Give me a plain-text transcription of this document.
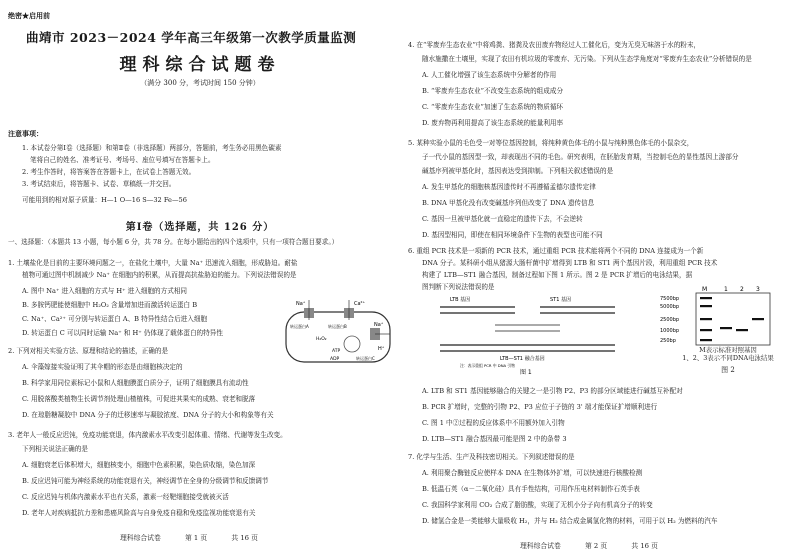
绝密★启用前
曲靖市 2023－2024 学年高三年级第一次教学质量监测
理科综合试题卷
（满分 300 分，考试时间 150 分钟）
注意事项：
1. 本试卷分第Ⅰ卷（选择题）和第Ⅱ卷（非选择题）两部分，答题前，考生务必用黑色碳素
笔将自己的姓名、准考证号、考场号、座位号填写在答题卡上。
2. 考生作答时，将答案答在答题卡上，在试卷上答题无效。
3. 考试结束后，将答题卡、试卷、草稿纸一并交回。
可能用到的相对原子质量：H—1 O—16 S—32 Fe—56
第Ⅰ卷（选择题，共 126 分）
一、选择题：（本题共 13 小题，每小题 6 分，共 78 分。在每小题给出的四个选项中，只有一项符合题目要求。）
1. 土壤盐化是目前的主要环境问题之一，在盐化土壤中，大量 Na⁺ 迅速流入细胞，形成胁迫。耐盐
植物可通过图中机制减少 Na⁺ 在细胞内的积累，从而提高抗盐胁迫的能力。下列说法错误的是
A. 图中 Na⁺ 进入细胞的方式与 H⁺ 进入细胞的方式相同
B. 多胺钙肥能使细胞中 H₂O₂ 含量增加进而激活转运蛋白 B
C. Na⁺、Ca²⁺ 可分别与转运蛋白 A、B 特异性结合后进入细胞
D. 转运蛋白 C 可以同时运输 Na⁺ 和 H⁺ 仍体现了载体蛋白的特异性
Na⁺	Ca²⁺
Na⁺
H⁺
转运蛋白A	转运蛋白B
转运蛋白C
H₂O₂
ATP
ADP
2. 下列对相关实验方法、原理和结论的描述，正确的是
A. 伞藻嫁接实验证明了其伞帽的形态是由细胞核决定的
B. 科学家用同位素标记小鼠和人细胞膜蛋白质分子，证明了细胞膜具有流动性
C. 用脱落酸类植物生长调节剂处理山楂植株，可促进其果实的成熟、衰老和脱落
D. 在琼脂糖凝胶中 DNA 分子的迁移速率与凝胶浓度、DNA 分子的大小和构象等有关
3. 老年人一般反应迟钝，免疫功能衰退，体内激素水平改变引起体重、情绪、代谢等发生改变。
下列相关说法正确的是
A. 细胞衰老后体积增大，细胞核变小，细胞中色素积累，染色质收缩，染色加深
B. 反应迟钝可能为神经系统的功能衰退有关，神经调节在全身的分级调节和反馈调节
C. 反应迟钝与机体内激素水平也有关系，激素一经靶细胞接受就被灭活
D. 老年人对疾病抵抗力差和患癌风险高与自身免疫自稳和免疫监视功能衰退有关
理科综合试卷	第 1 页	共 16 页
4. 在“零废弃生态农业”中将鸡粪、猪粪及农田废弃物经过人工催化后，变为无臭无味溶于水的粉末，
随水施撒在土壤里，实现了农田有机垃圾的零废弃、无污染。下列从生态学角度对“零废弃生态农业”分析错误的是
A. 人工催化增强了该生态系统中分解者的作用
B. “零废弃生态农业”不改变生态系统的组成成分
C. “零废弃生态农业”加速了生态系统的物质循环
D. 废弃物再利用提高了该生态系统的能量利用率
5. 某种实验小鼠的毛色受一对等位基因控制，将纯种黄色体毛的小鼠与纯种黑色体毛的小鼠杂交，
子一代小鼠的基因型一致，却表现出不同的毛色。研究表明，在胚胎发育期，当控制毛色的显性基因上游部分
碱基序列被甲基化时，基因表达受到抑制。下列相关叙述错误的是
A. 发生甲基化的细胞核基因遗传时不再遵循孟德尔遗传定律
B. DNA 甲基化没有改变碱基序列但改变了 DNA 遗传信息
C. 基因一旦被甲基化就一直稳定的遗传下去，不会逆转
D. 基因型相同，即使在相同环境条件下生物的表型也可能不同
6. 重组 PCR 技术是一项新的 PCR 技术，通过重组 PCR 技术能将两个不同的 DNA 连接成为一个新
DNA 分子。某科研小组从猪源大肠杆菌中扩增得到 LTB 和 ST1 两个基因片段，利用重组 PCR 技术
构建了 LTB—ST1 融合基因，制备过程如下图 1 所示。图 2 是 PCR 扩增后的电泳结果，据
图判断下列说法错误的是
LTB 基因	ST1 基因
LTB—ST1 融合基因
注：表示重组 PCR 中 DNA 引物
图 1
M	1 2 3
7500bp
5000bp
2500bp
1000bp
250bp
M表示标准对照基因
1、2、3表示不同DNA电泳结果
图 2
A. LTB 和 ST1 基因能够融合的关键之一是引物 P2、P3 的部分区域能进行碱基互补配对
B. PCR 扩增时，完整的引物 P2、P3 应位于子链的 3' 端才能保证扩增顺利进行
C. 图 1 中②过程的反应体系中不用额外加入引物
D. LTB—ST1 融合基因最可能是图 2 中的条带 3
7. 化学与生活、生产及科技密切相关。下列叙述错误的是
A. 利用聚合酶链反应使样本 DNA 在生物体外扩增，可以快速进行核酸检测
B. 低温石英（α－二氧化硅）具有手性结构，可用作压电材料制作石英手表
C. 我国科学家利用 CO₂ 合成了脂肪酸，实现了无机小分子向有机高分子的转变
D. 储氢合金是一类能够大量吸收 H₂，并与 H₂ 结合成金属氢化物的材料，可用于以 H₂ 为燃料的汽车
理科综合试卷	第 2 页	共 16 页
